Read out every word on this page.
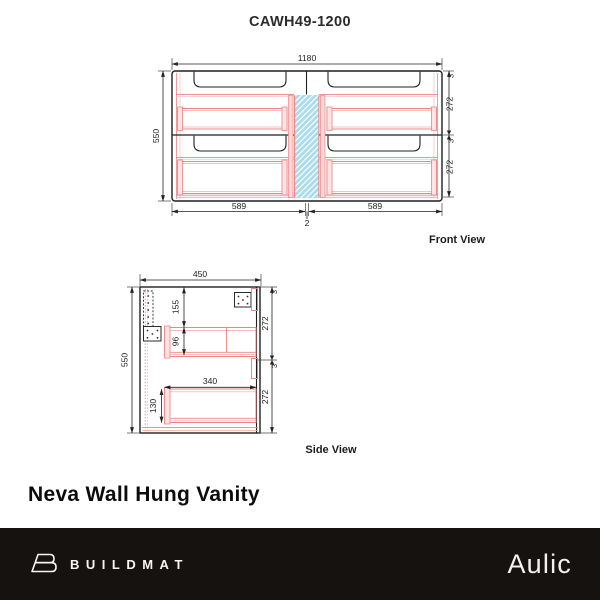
CAWH49-1200
1180
550
3
272
3
272
589	589
2
Front View
450
550
155
96
340
130
3
272
3
272
Side View
Neva Wall Hung Vanity
BUILDMAT	Aulic
